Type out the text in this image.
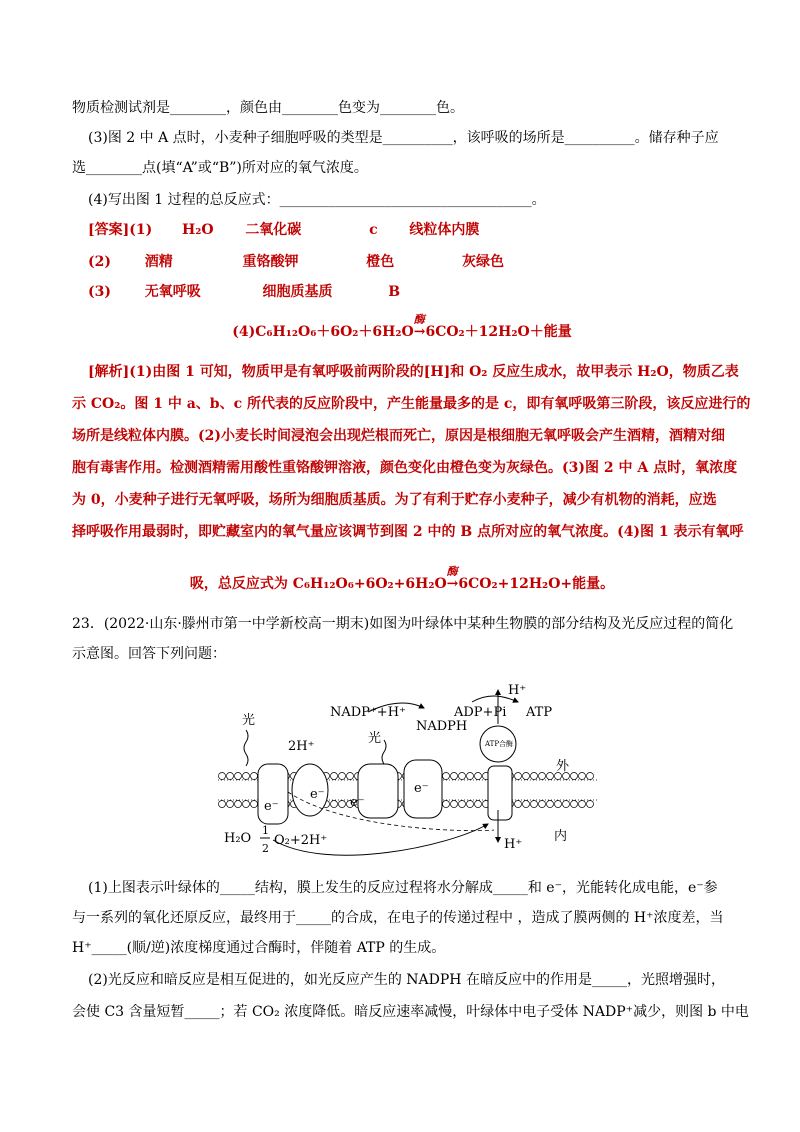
物质检测试剂是________，颜色由________色变为________色。
(3)图 2 中 A 点时，小麦种子细胞呼吸的类型是__________，该呼吸的场所是__________。储存种子应
选________点(填“A”或“B”)所对应的氧气浓度。
(4)写出图 1 过程的总反应式：____________________________________。
[答案](1) H₂O 二氧化碳	c 线粒体内膜
(2) 酒精	重铬酸钾	橙色	灰绿色
(3) 无氧呼吸	细胞质基质	B
(4)C₆H₁₂O₆＋6O₂＋6H₂O
酶
→6CO₂＋12H₂O＋能量
[解析](1)由图 1 可知，物质甲是有氧呼吸前两阶段的[H]和 O₂ 反应生成水，故甲表示 H₂O，物质乙表
示 CO₂。图 1 中 a、b、c 所代表的反应阶段中，产生能量最多的是 c，即有氧呼吸第三阶段，该反应进行的
场所是线粒体内膜。(2)小麦长时间浸泡会出现烂根而死亡，原因是根细胞无氧呼吸会产生酒精，酒精对细
胞有毒害作用。检测酒精需用酸性重铬酸钾溶液，颜色变化由橙色变为灰绿色。(3)图 2 中 A 点时，氧浓度
为 0，小麦种子进行无氧呼吸，场所为细胞质基质。为了有利于贮存小麦种子，减少有机物的消耗，应选
择呼吸作用最弱时，即贮藏室内的氧气量应该调节到图 2 中的 B 点所对应的氧气浓度。(4)图 1 表示有氧呼
吸，总反应式为 C₆H₁₂O₆+6O₂+6H₂O
酶
→6CO₂+12H₂O+能量。
23．(2022·山东·滕州市第一中学新校高一期末)如图为叶绿体中某种生物膜的部分结构及光反应过程的简化
示意图。回答下列问题：
光
光
2H⁺
NADP⁺+H⁺
NADPH
ADP+Pi ATP
H⁺
ATP合酶
外
内
e⁻
e⁻
e⁻
e⁻
H₂O
1
2
O₂+2H⁺	H⁺
(1)上图表示叶绿体的_____结构，膜上发生的反应过程将水分解成_____和 e⁻，光能转化成电能，e⁻参
与一系列的氧化还原反应，最终用于_____的合成，在电子的传递过程中 ，造成了膜两侧的 H⁺浓度差，当
H⁺_____(顺/逆)浓度梯度通过合酶时，伴随着 ATP 的生成。
(2)光反应和暗反应是相互促进的，如光反应产生的 NADPH 在暗反应中的作用是_____，光照增强时，
会使 C3 含量短暂_____；若 CO₂ 浓度降低。暗反应速率减慢，叶绿体中电子受体 NADP⁺减少，则图 b 中电
